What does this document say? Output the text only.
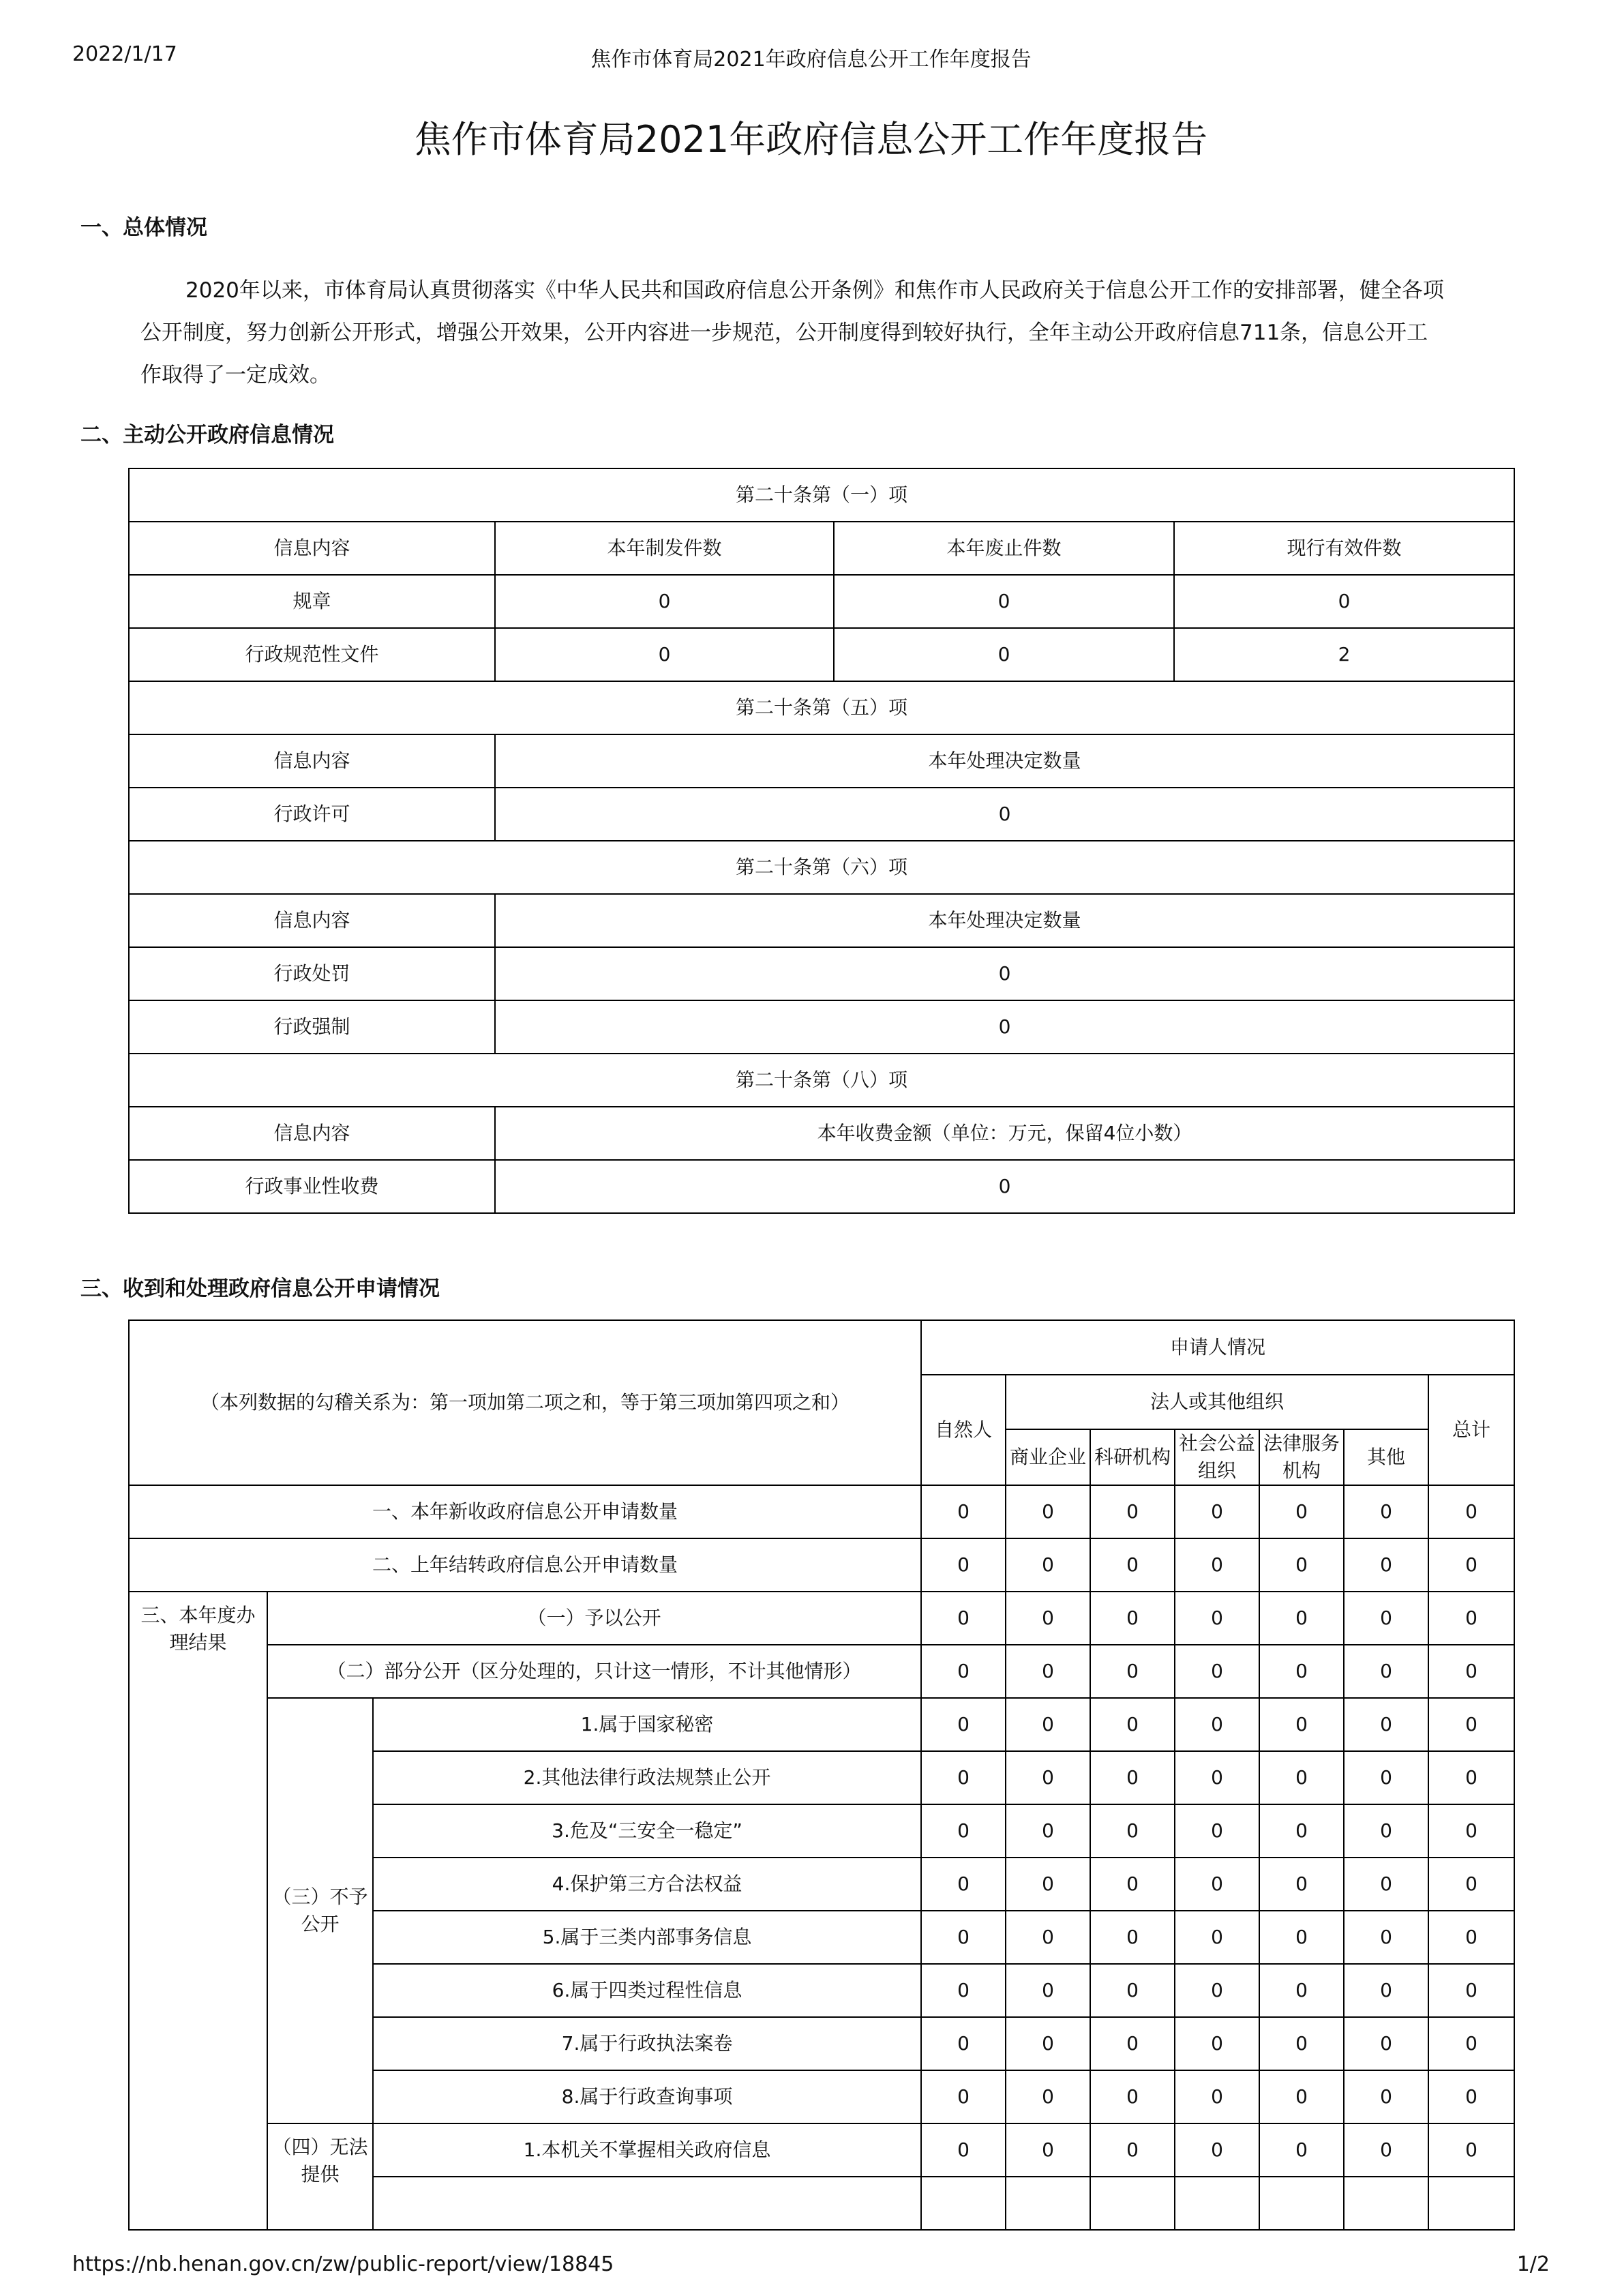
2022/1/17	焦作市体育局2021年政府信息公开工作年度报告
焦作市体育局2021年政府信息公开工作年度报告
一、总体情况
2020年以来，市体育局认真贯彻落实《中华人民共和国政府信息公开条例》和焦作市人民政府关于信息公开工作的安排部署，健全各项
公开制度，努力创新公开形式，增强公开效果，公开内容进一步规范，公开制度得到较好执行，全年主动公开政府信息711条，信息公开工
作取得了一定成效。
二、主动公开政府信息情况
第二十条第（一）项			
信息内容	本年制发件数	本年废止件数	现行有效件数
规章	0	0	0
行政规范性文件	0	0	2
第二十条第（五）项			
信息内容	本年处理决定数量		
行政许可	0		
第二十条第（六）项			
信息内容	本年处理决定数量		
行政处罚	0		
行政强制	0		
第二十条第（八）项			
信息内容	本年收费金额（单位：万元，保留4位小数）		
行政事业性收费	0		
三、收到和处理政府信息公开申请情况
（本列数据的勾稽关系为：第一项加第二项之和，等于第三项加第四项之和）			申请人情况						
			自然人	法人或其他组织					总计
				商业企业	科研机构	社会公益组织	法律服务机构	其他	
一、本年新收政府信息公开申请数量			0	0	0	0	0	0	0
二、上年结转政府信息公开申请数量			0	0	0	0	0	0	0
三、本年度办理结果	（一）予以公开		0	0	0	0	0	0	0
	（二）部分公开（区分处理的，只计这一情形，不计其他情形）		0	0	0	0	0	0	0
	（三）不予公开	1.属于国家秘密	0	0	0	0	0	0	0
		2.其他法律行政法规禁止公开	0	0	0	0	0	0	0
		3.危及“三安全一稳定”	0	0	0	0	0	0	0
		4.保护第三方合法权益	0	0	0	0	0	0	0
		5.属于三类内部事务信息	0	0	0	0	0	0	0
		6.属于四类过程性信息	0	0	0	0	0	0	0
		7.属于行政执法案卷	0	0	0	0	0	0	0
		8.属于行政查询事项	0	0	0	0	0	0	0
	（四）无法提供	1.本机关不掌握相关政府信息	0	0	0	0	0	0	0

https://nb.henan.gov.cn/zw/public-report/view/18845	1/2
